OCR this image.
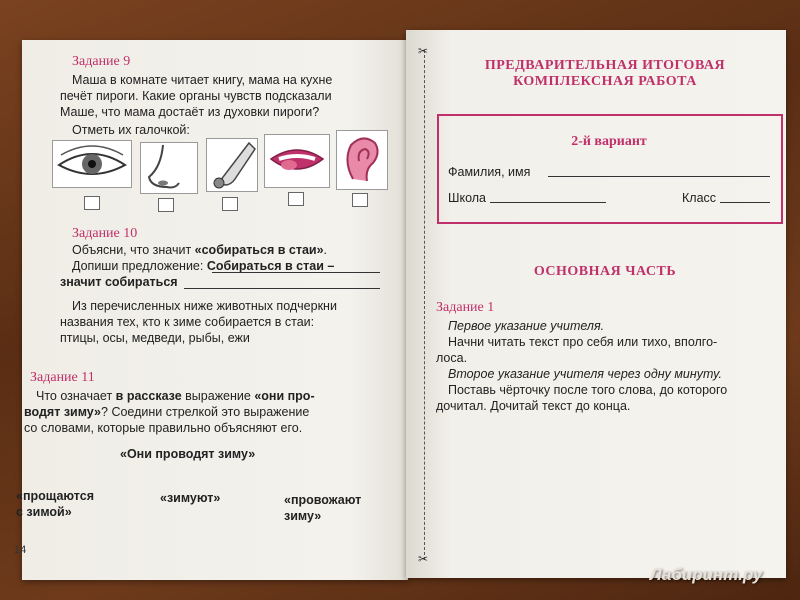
Задание 9
Маша в комнате читает книгу, мама на кухне
печёт пироги. Какие органы чувств подсказали
Маше, что мама достаёт из духовки пироги?
Отметь их галочкой:
Задание 10
Объясни, что значит «собираться в стаи».
Допиши предложение: Собираться в стаи –
значит собираться
Из перечисленных ниже животных подчеркни
названия тех, кто к зиме собирается в стаи:
птицы, осы, медведи, рыбы, ежи
Задание 11
Что означает в рассказе выражение «они про-
водят зиму»? Соедини стрелкой это выражение
со словами, которые правильно объясняют его.
«Они проводят зиму»
«прощаются
с зимой»
«зимуют»	«провожают
зиму»
14
✂
✂
ПРЕДВАРИТЕЛЬНАЯ ИТОГОВАЯ
КОМПЛЕКСНАЯ РАБОТА
2-й вариант
Фамилия, имя
Школа	Класс
ОСНОВНАЯ ЧАСТЬ
Задание 1
Первое указание учителя.
Начни читать текст про себя или тихо, вполго-
лоса.
Второе указание учителя через одну минуту.
Поставь чёрточку после того слова, до которого
дочитал. Дочитай текст до конца.
Лабиринт.ру
